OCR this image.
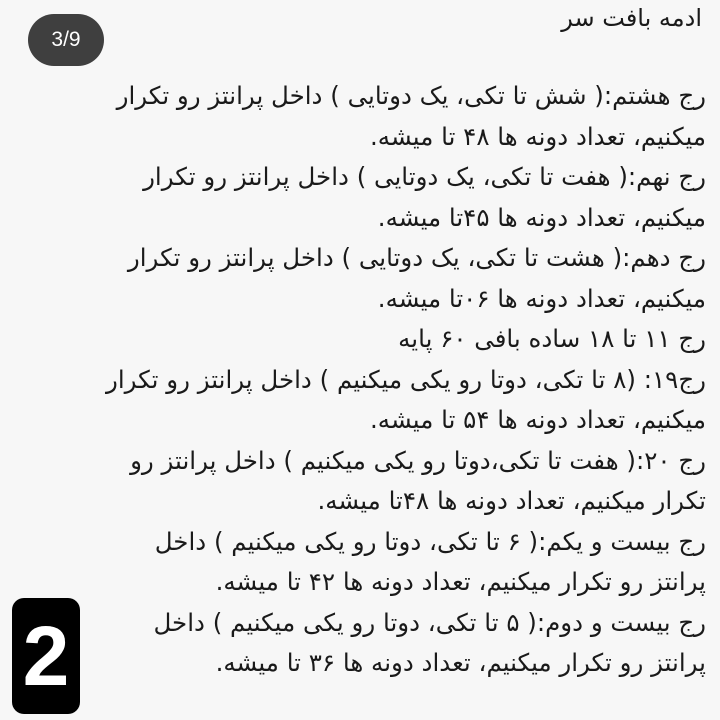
ادمه بافت سر
3/9
رج هشتم:( شش تا تکی، یک دوتایی ) داخل پرانتز رو تکرار
میکنیم، تعداد دونه ها ۴۸ تا میشه.
رج نهم:( هفت تا تکی، یک دوتایی ) داخل پرانتز رو تکرار
میکنیم، تعداد دونه ها ۴۵تا میشه.
رج دهم:( هشت تا تکی، یک دوتایی ) داخل پرانتز رو تکرار
میکنیم، تعداد دونه ها ۰۶تا میشه.
رج ۱۱ تا ۱۸ ساده بافی ۶۰ پایه
رج۱۹: (۸ تا تکی، دوتا رو یکی میکنیم ) داخل پرانتز رو تکرار
میکنیم، تعداد دونه ها ۵۴ تا میشه.
رج ۲۰:( هفت تا تکی،دوتا رو یکی میکنیم ) داخل پرانتز رو
تکرار میکنیم، تعداد دونه ها ۴۸تا میشه.
رج بیست و یکم:( ۶ تا تکی، دوتا رو یکی میکنیم ) داخل
پرانتز رو تکرار میکنیم، تعداد دونه ها ۴۲ تا میشه.
رج بیست و دوم:( ۵ تا تکی، دوتا رو یکی میکنیم ) داخل
پرانتز رو تکرار میکنیم، تعداد دونه ها ۳۶ تا میشه.
2
